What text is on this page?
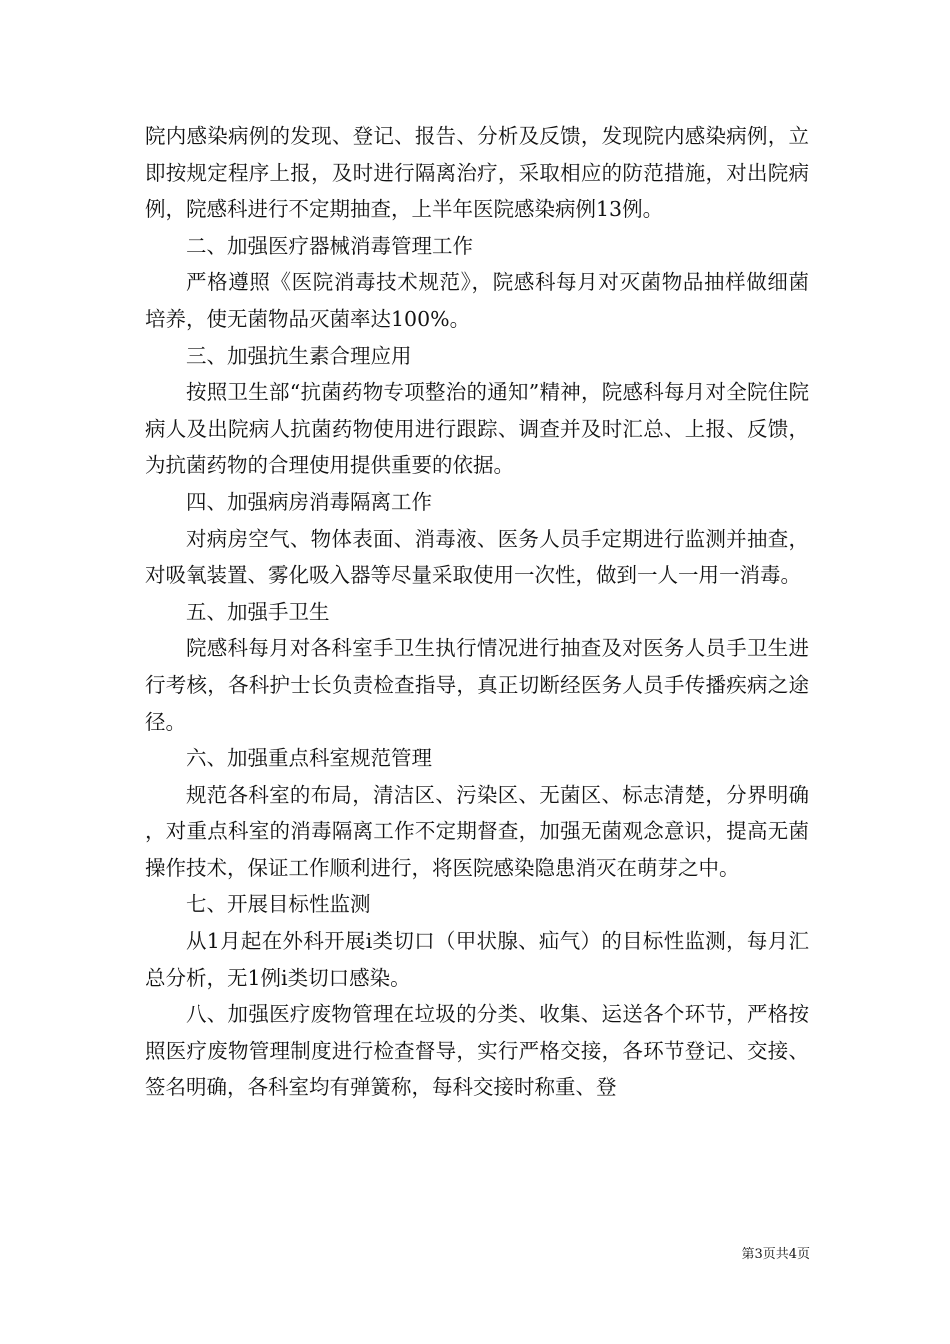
院内感染病例的发现、登记、报告、分析及反馈，发现院内感染病例，立即按规定程序上报，及时进行隔离治疗，采取相应的防范措施，对出院病例，院感科进行不定期抽查，上半年医院感染病例13例。

二、加强医疗器械消毒管理工作

严格遵照《医院消毒技术规范》，院感科每月对灭菌物品抽样做细菌培养，使无菌物品灭菌率达100%。

三、加强抗生素合理应用

按照卫生部“抗菌药物专项整治的通知”精神，院感科每月对全院住院病人及出院病人抗菌药物使用进行跟踪、调查并及时汇总、上报、反馈，为抗菌药物的合理使用提供重要的依据。

四、加强病房消毒隔离工作

对病房空气、物体表面、消毒液、医务人员手定期进行监测并抽查，对吸氧装置、雾化吸入器等尽量采取使用一次性，做到一人一用一消毒。

五、加强手卫生

院感科每月对各科室手卫生执行情况进行抽查及对医务人员手卫生进行考核，各科护士长负责检查指导，真正切断经医务人员手传播疾病之途径。

六、加强重点科室规范管理

规范各科室的布局，清洁区、污染区、无菌区、标志清楚，分界明确，对重点科室的消毒隔离工作不定期督查，加强无菌观念意识，提高无菌操作技术，保证工作顺利进行，将医院感染隐患消灭在萌芽之中。

七、开展目标性监测

从1月起在外科开展ⅰ类切口（甲状腺、疝气）的目标性监测，每月汇总分析，无1例ⅰ类切口感染。

八、加强医疗废物管理在垃圾的分类、收集、运送各个环节，严格按照医疗废物管理制度进行检查督导，实行严格交接，各环节登记、交接、签名明确，各科室均有弹簧称，每科交接时称重、登

第3页共4页
